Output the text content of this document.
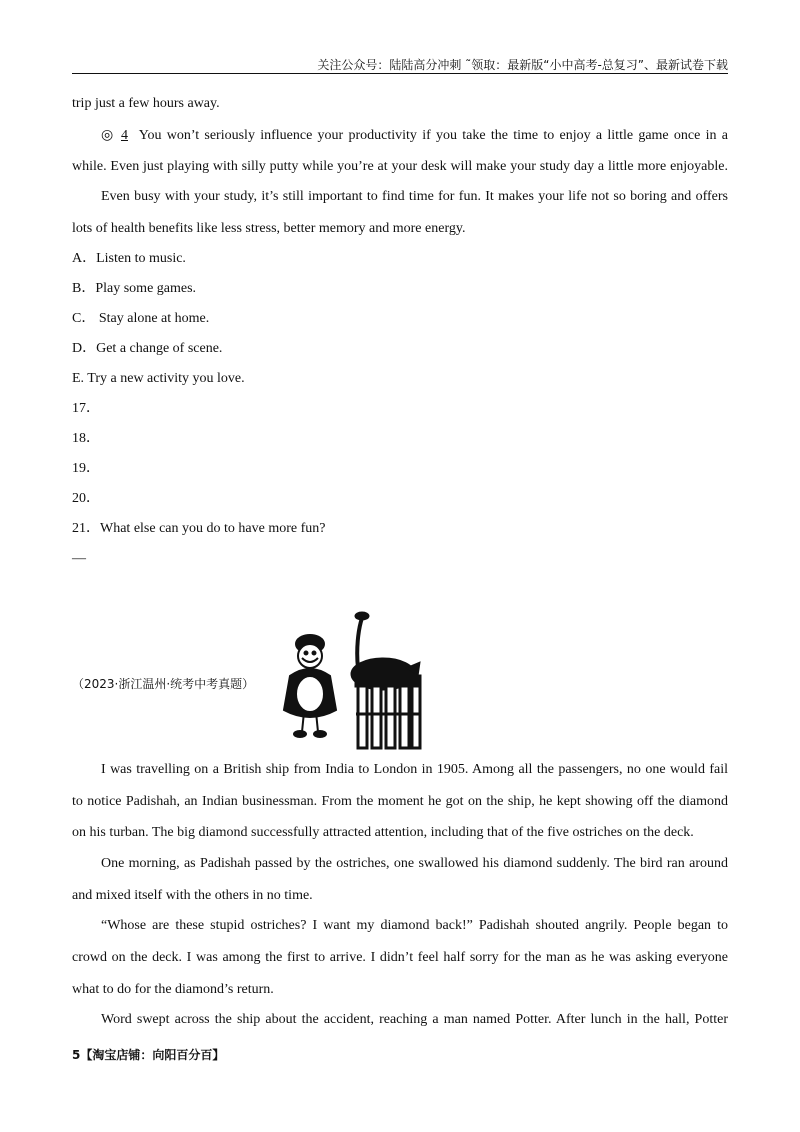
关注公众号：陆陆高分冲刺 ˜领取：最新版“小中高考-总复习”、最新试卷下载
trip just a few hours away.
◎ 4 You won’t seriously influence your productivity if you take the time to enjoy a little game once in a
while. Even just playing with silly putty while you’re at your desk will make your study day a little more enjoyable.
Even busy with your study, it’s still important to find time for fun. It makes your life not so boring and offers
lots of health benefits like less stress, better memory and more energy.
A．Listen to music.
B．Play some games.
C． Stay alone at home.
D．Get a change of scene.
E. Try a new activity you love.
17．
18．
19．
20．
21．What else can you do to have more fun?
—
（2023·浙江温州·统考中考真题）
I was travelling on a British ship from India to London in 1905. Among all the passengers, no one would fail
to notice Padishah, an Indian businessman. From the moment he got on the ship, he kept showing off the diamond
on his turban. The big diamond successfully attracted attention, including that of the five ostriches on the deck.
One morning, as Padishah passed by the ostriches, one swallowed his diamond suddenly. The bird ran around
and mixed itself with the others in no time.
“Whose are these stupid ostriches? I want my diamond back!” Padishah shouted angrily. People began to
crowd on the deck. I was among the first to arrive. I didn’t feel half sorry for the man as he was asking everyone
what to do for the diamond’s return.
Word swept across the ship about the accident, reaching a man named Potter. After lunch in the hall, Potter
5【淘宝店铺：向阳百分百】
